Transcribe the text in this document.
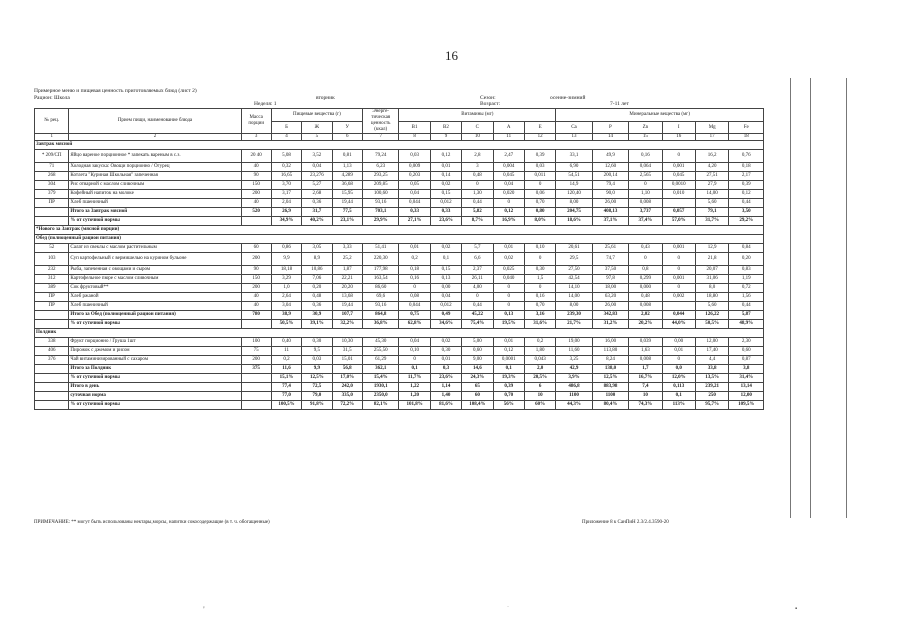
16
Примерное меню и пищевая ценность приготовляемых блюд (лист 2)
Рацион: Школа	вторник	Сезон:	осенне-зимний
Неделя: 1	Возраст:	7-11 лет
№ рец.	Прием пищи, наименование блюда	Масса порции	Пищевые вещества (г)			Энерге-тическая ценность (ккал)	Витамины (мг)					Минеральные вещества (мг)					
			Б	Ж	У		В1	В2	С	А	Е	Ca	P	Zn	I	Mg	Fe
1	2	3	4	5	6	7	8	9	10	11	12	13	14	15	16	17	18
Завтрак мясной																	
* 209/СП	Яйцо вареное порционное * запекать вареным в с.з.	20 40	5,08	3,52	0,81	79,24	0,03	0,12	2,8	2,47	0,39	33,1	49,9	0,16	0	16,2	0,76
71	Холодная закуска: Овощи порционно / Огурец	40	0,32	0,04	1,13	6,23	0,009	0,01	3	0,004	0,03	6,90	12,60	0,064	0,001	4,20	0,18
268	Котлета "Куриная Школьная" запеченная	90	16,65	23,276	4,289	293,25	0,203	0,14	0,48	0,045	0,011	54,51	200,14	2,565	0,045	27,51	2,17
304	Рис отварной с маслом сливочным	150	3,70	5,27	36,68	209,85	0,05	0,02	0	0,04	0	14,9	79,4	0	0,0010	27,9	0,39
379	Кофейный напиток на молоке	200	3,17	2,68	15,95	100,60	0,04	0,15	1,30	0,020	0,06	120,40	90,0	1,10	0,010	14,00	0,12
ПР	Хлеб пшеничный	40	2,04	0,36	19,44	93,16	0,044	0,012	0,44	0	0,70	8,00	26,00	0,008		5,60	0,44
	Итого за Завтрак мясной	520	26,9	31,7	77,5	703,1	0,33	0,33	5,82	0,12	0,80	204,75	408,13	3,737	0,057	79,1	3,50
	% от суточной нормы		34,9%	40,2%	23,1%	29,9%	27,1%	23,6%	8,7%	16,9%	8,0%	18,6%	37,1%	37,4%	57,0%	31,7%	29,2%
*Нового за Завтрак (мясной порции)																	
Обед (полноценный рацион питания)																	
52	Салат из свеклы с маслом растительным	60	0,86	3,05	3,33	51,41	0,01	0,02	5,7	0,01	0,10	20,61	25,61	0,43	0,001	12,9	0,84
103	Суп картофельный с вермишелью на курином бульоне	200	9,9	8,9	25,2	220,30	0,2	0,1	6,6	0,02	0	29,5	74,7	0	0	21,8	0,20
232	Рыба, запеченная с овощами и сыром	90	18,18	10,86	1,87	177,98	0,18	0,15	2,37	0,025	0,30	27,50	37,50	0,8	0	20,07	0,83
312	Картофельное пюре с маслом сливочным	150	3,29	7,06	22,21	163,54	0,16	0,13	26,11	0,040	1,5	42,54	97,8	0,299	0,001	31,06	1,19
389	Сок фруктовый**	200	1,0	0,20	20,20	86,60	0	0,00	4,00	0	0	14,10	18,00	0,000	0	8,0	0,72
ПР	Хлеб ржаной	40	2,64	0,48	13,68	69,6	0,08	0,04	0	0	0,16	14,00	63,20	0,48	0,002	18,80	1,56
ПР	Хлеб пшеничный	40	3,04	0,36	19,44	93,16	0,044	0,012	0,44	0	0,70	8,00	26,00	0,008		5,60	0,44
	Итого за Обед (полноценный рацион питания)	780	38,9	30,9	107,7	864,8	0,75	0,49	45,22	0,13	3,16	239,30	342,83	2,02	0,044	126,22	5,87
	% от суточной нормы		50,5%	39,1%	32,2%	36,8%	62,8%	34,6%	75,4%	19,5%	31,6%	21,7%	31,2%	20,2%	44,0%	50,5%	48,9%
Полдник																	
338	Фрукт порционно / Груша 1шт	100	0,40	0,30	10,30	45,30	0,04	0,02	5,00	0,01	0,2	19,00	16,00	0,039	0,00	12,00	2,30
406	Пирожок с джемом и рисом	75	11	9,5	31,5	255,50	0,10	0,30	0,60	0,12	1,80	11,60	113,80	1,63	0,01	17,40	0,60
376	Чай витаминизированный с сахаром	200	0,2	0,03	15,01	61,29	0	0,01	9,00	0,0001	0,043	3,25	8,24	0,008	0	4,4	0,87
	Итого за Полдник	375	11,6	9,9	56,8	362,1	0,1	0,3	14,6	0,1	2,0	42,9	138,0	1,7	0,0	33,8	3,8
	% от суточной нормы		15,1%	12,5%	17,0%	15,4%	11,7%	23,6%	24,3%	19,3%	20,5%	3,9%	12,5%	16,7%	12,0%	13,5%	31,4%
	Итого в день		77,4	72,5	242,0	1930,1	1,22	1,14	65	0,39	6	486,8	883,98	7,4	0,113	239,21	13,14
	суточная норма		77,0	79,0	335,0	2350,0	1,20	1,40	60	0,70	10	1100	1100	10	0,1	250	12,00
	% от суточной нормы		100,5%	91,8%	72,2%	82,1%	101,8%	81,6%	108,4%	56%	60%	44,3%	80,4%	74,3%	113%	95,7%	109,5%
ПРИМЕЧАНИЕ: ** могут быть использованы нектары,морсы, напитки сокосодержащие (в т. ч. обогащенные)	Приложение 8 к СанПиН 2.3/2.4.3590-20
ᵛ	˙	▪
